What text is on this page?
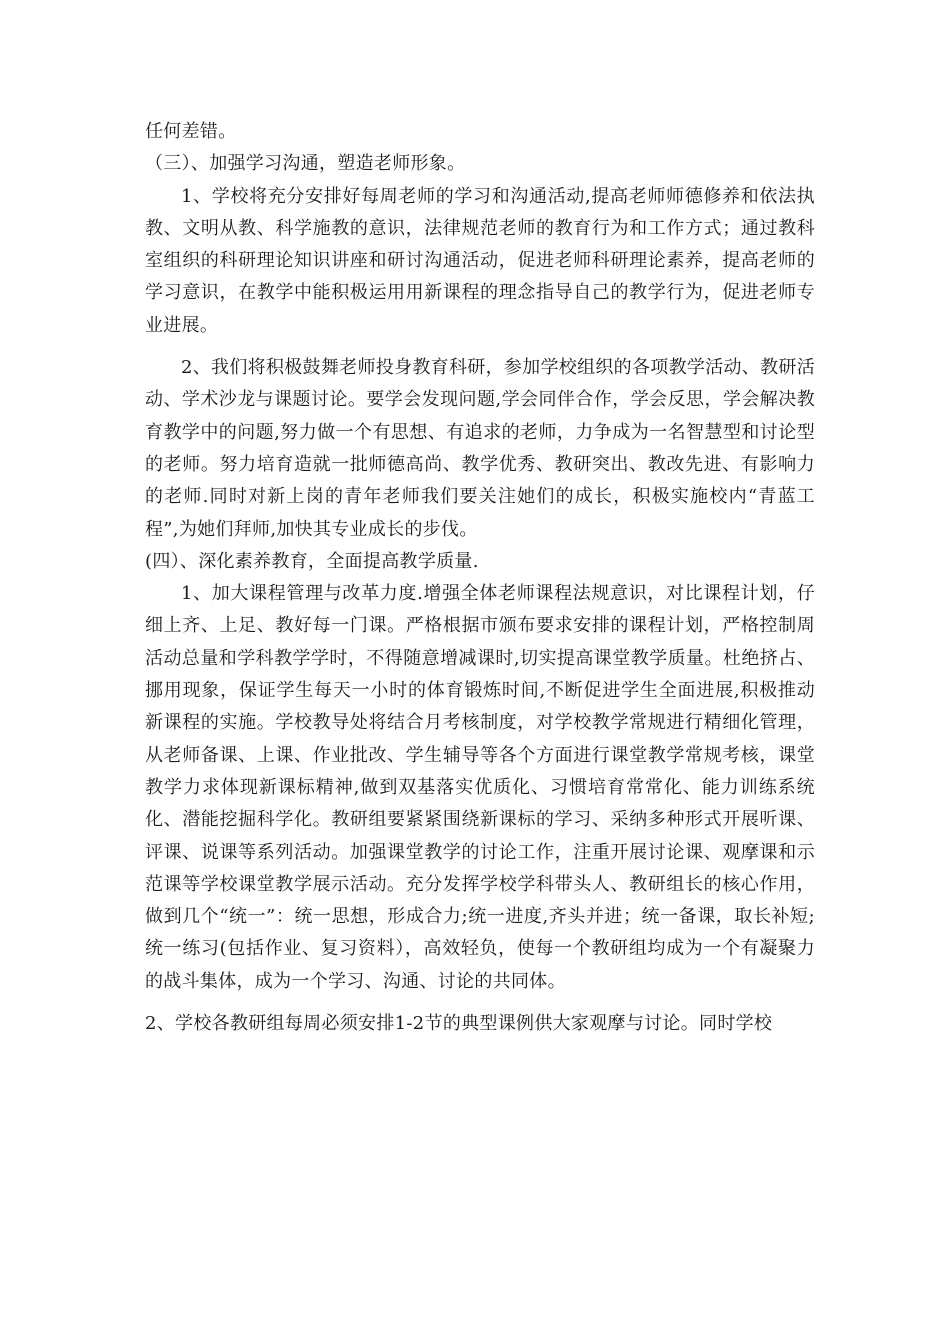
任何差错。

（三）、加强学习沟通，塑造老师形象。

1、学校将充分安排好每周老师的学习和沟通活动,提高老师师德修养和依法执教、文明从教、科学施教的意识，法律规范老师的教育行为和工作方式；通过教科室组织的科研理论知识讲座和研讨沟通活动，促进老师科研理论素养，提高老师的学习意识，在教学中能积极运用用新课程的理念指导自己的教学行为，促进老师专业进展。

2、我们将积极鼓舞老师投身教育科研，参加学校组织的各项教学活动、教研活动、学术沙龙与课题讨论。要学会发现问题,学会同伴合作，学会反思，学会解决教育教学中的问题,努力做一个有思想、有追求的老师，力争成为一名智慧型和讨论型的老师。努力培育造就一批师德高尚、教学优秀、教研突出、教改先进、有影响力的老师.同时对新上岗的青年老师我们要关注她们的成长，积极实施校内“青蓝工程”,为她们拜师,加快其专业成长的步伐。

(四）、深化素养教育，全面提高教学质量.

1、加大课程管理与改革力度.增强全体老师课程法规意识，对比课程计划，仔细上齐、上足、教好每一门课。严格根据市颁布要求安排的课程计划，严格控制周活动总量和学科教学学时，不得随意增减课时,切实提高课堂教学质量。杜绝挤占、挪用现象，保证学生每天一小时的体育锻炼时间,不断促进学生全面进展,积极推动新课程的实施。学校教导处将结合月考核制度，对学校教学常规进行精细化管理，从老师备课、上课、作业批改、学生辅导等各个方面进行课堂教学常规考核，课堂教学力求体现新课标精神,做到双基落实优质化、习惯培育常常化、能力训练系统化、潜能挖掘科学化。教研组要紧紧围绕新课标的学习、采纳多种形式开展听课、评课、说课等系列活动。加强课堂教学的讨论工作，注重开展讨论课、观摩课和示范课等学校课堂教学展示活动。充分发挥学校学科带头人、教研组长的核心作用，做到几个“统一”：统一思想，形成合力;统一进度,齐头并进；统一备课，取长补短;统一练习(包括作业、复习资料），高效轻负，使每一个教研组均成为一个有凝聚力的战斗集体，成为一个学习、沟通、讨论的共同体。

2、学校各教研组每周必须安排1-2节的典型课例供大家观摩与讨论。同时学校
